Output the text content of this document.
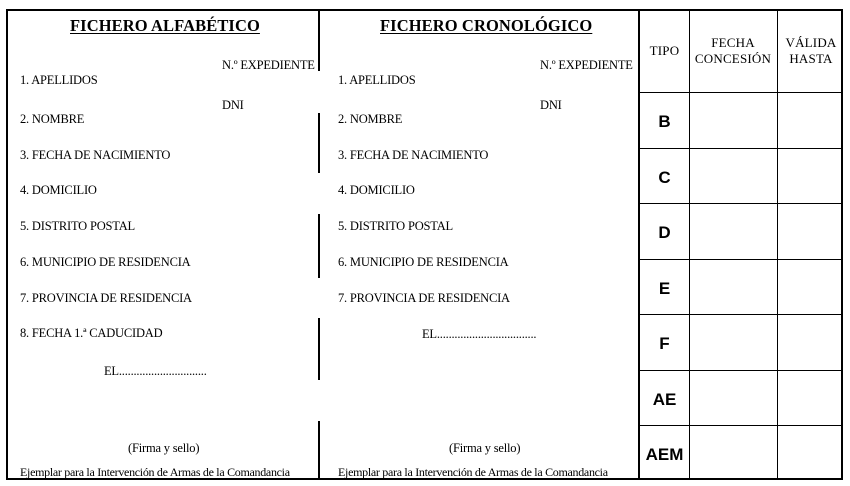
FICHERO ALFABÉTICO
N.º EXPEDIENTE
DNI
1. APELLIDOS
2. NOMBRE
3. FECHA DE NACIMIENTO
4. DOMICILIO
5. DISTRITO POSTAL
6. MUNICIPIO DE RESIDENCIA
7. PROVINCIA DE RESIDENCIA
8. FECHA 1.ª CADUCIDAD
EL..............................
(Firma y sello)
Ejemplar para la Intervención de Armas de la Comandancia
FICHERO CRONOLÓGICO
N.º EXPEDIENTE
DNI
1. APELLIDOS
2. NOMBRE
3. FECHA DE NACIMIENTO
4. DOMICILIO
5. DISTRITO POSTAL
6. MUNICIPIO DE RESIDENCIA
7. PROVINCIA DE RESIDENCIA
EL..................................
(Firma y sello)
Ejemplar para la Intervención de Armas de la Comandancia
TIPO
FECHA
CONCESIÓN
VÁLIDA
HASTA
B
C
D
E
F
AE
AEM
